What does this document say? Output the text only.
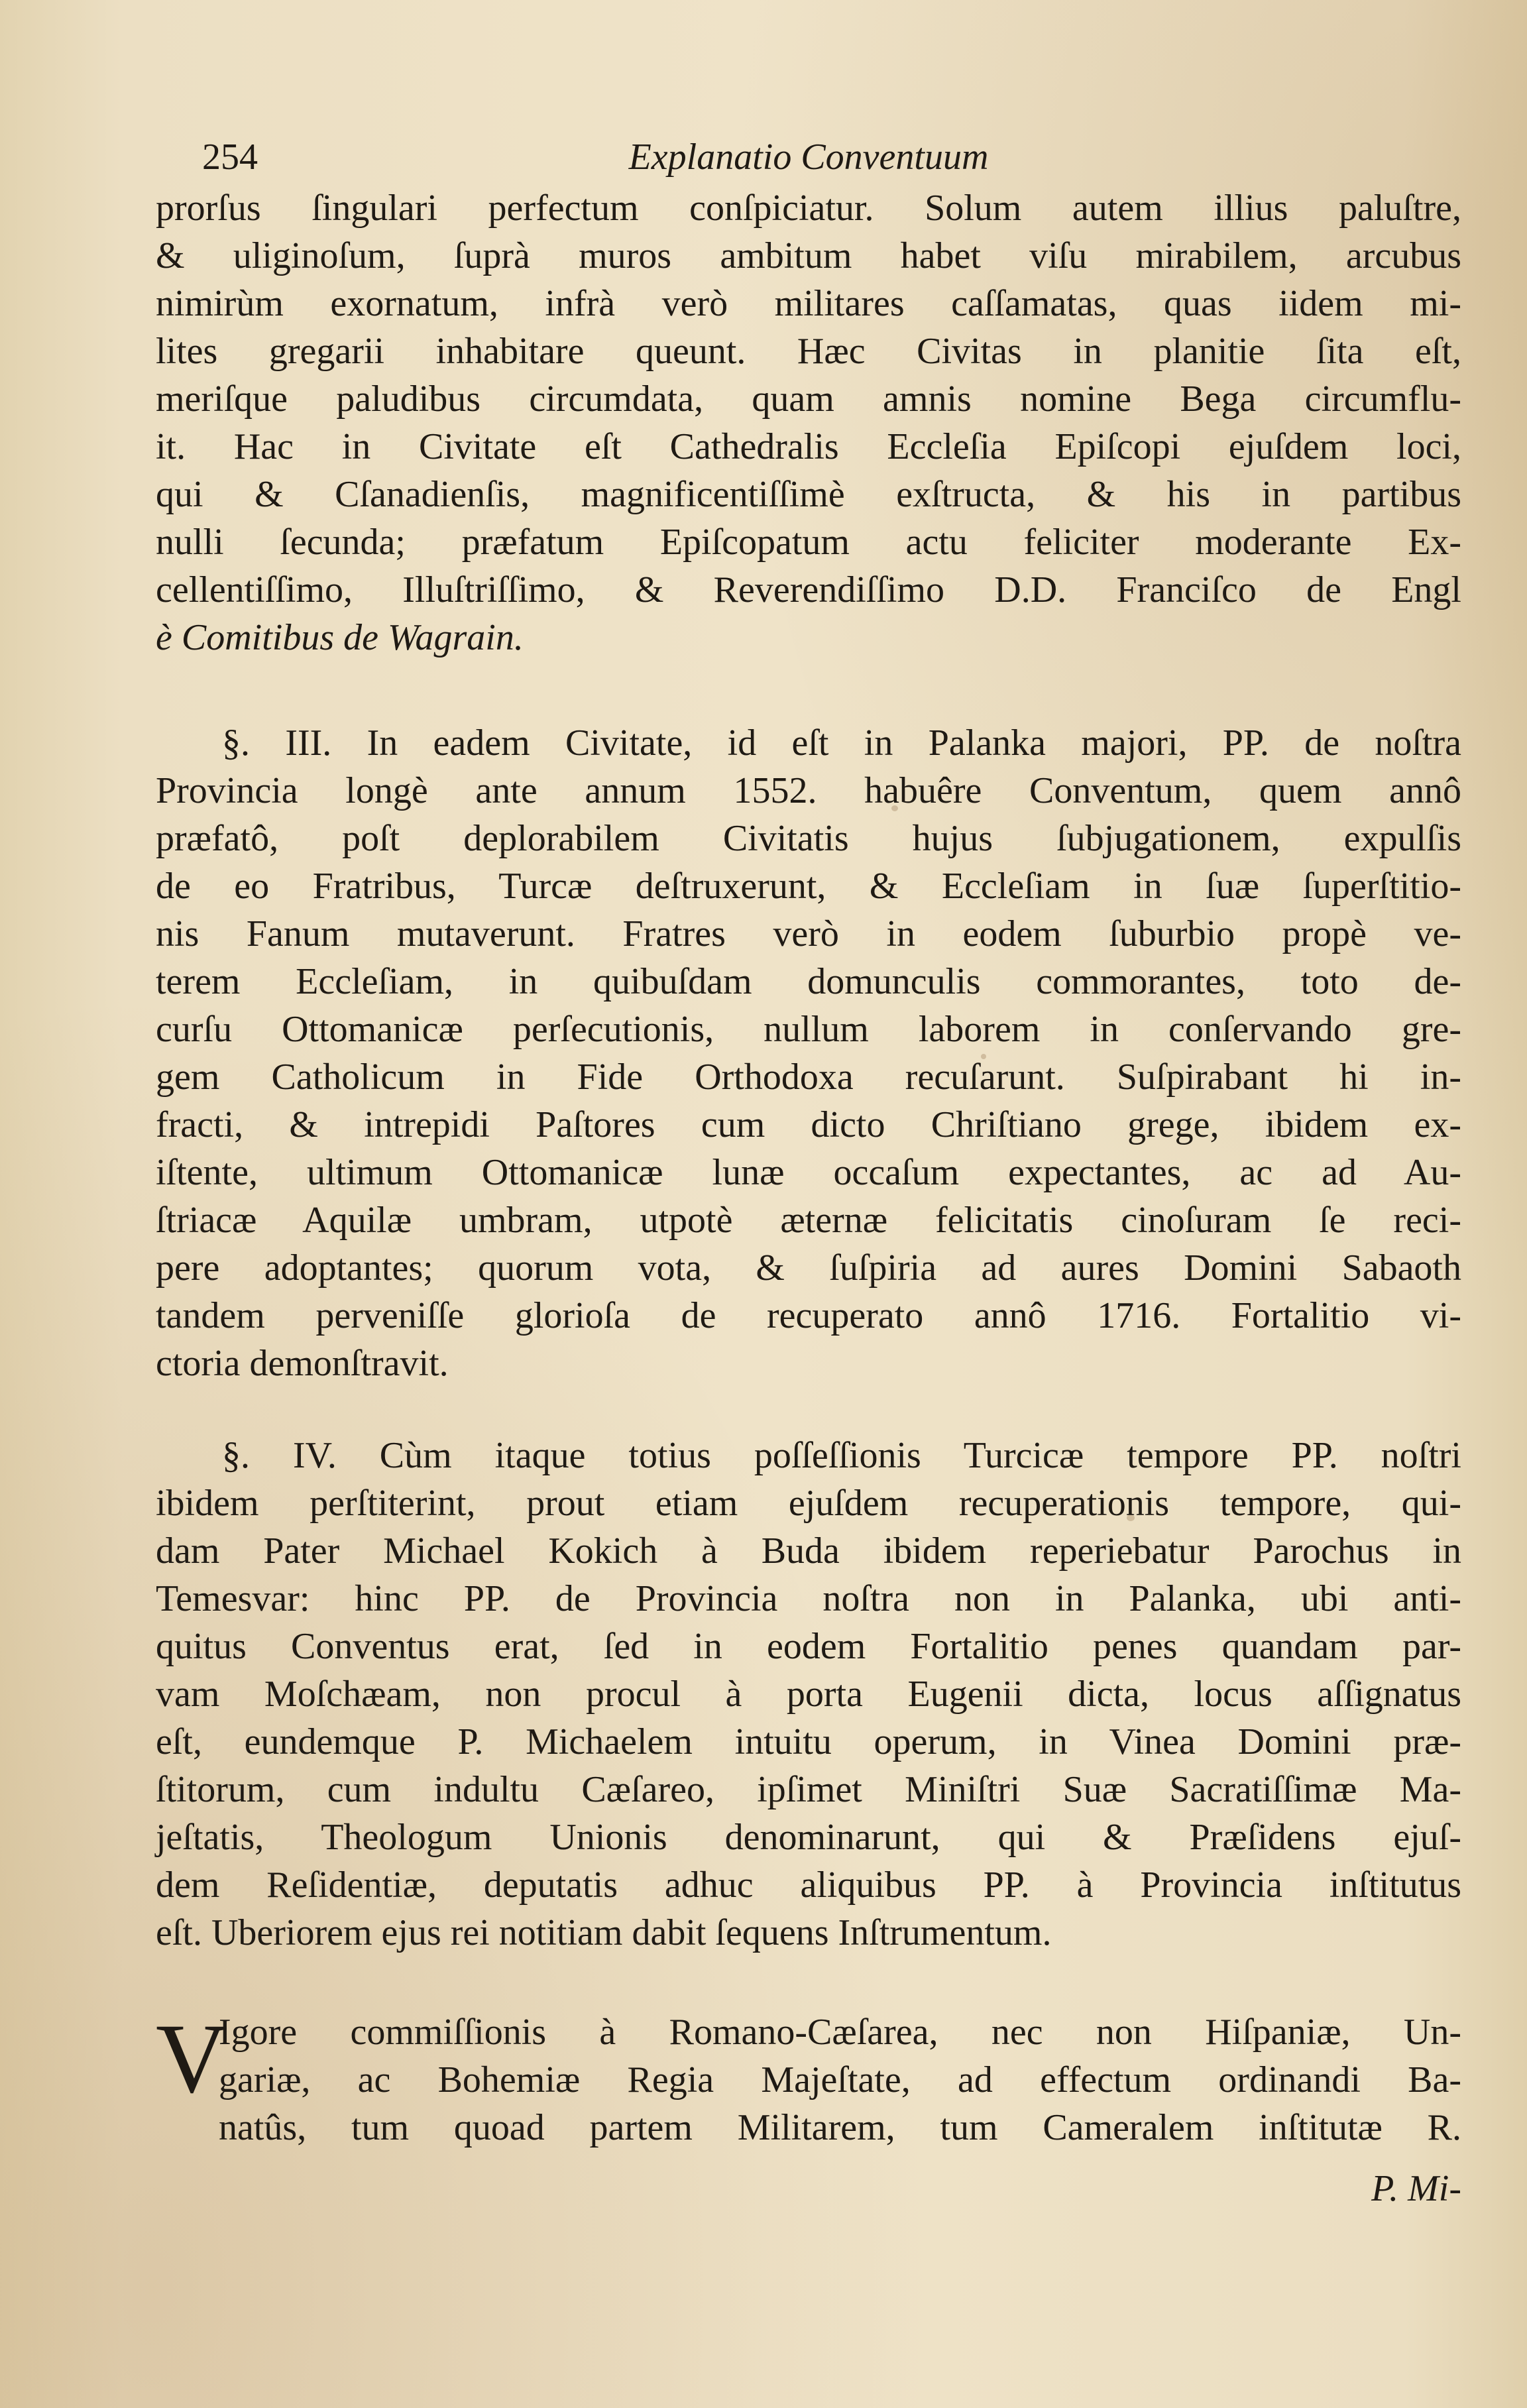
254	Explanatio Conventuum
prorſus ſingulari perfectum conſpiciatur. Solum autem illius paluſtre,
& uliginoſum, ſuprà muros ambitum habet viſu mirabilem, arcubus
nimirùm exornatum, infrà verò militares caſſamatas, quas iidem mi-
lites gregarii inhabitare queunt. Hæc Civitas in planitie ſita eſt,
meriſque paludibus circumdata, quam amnis nomine Bega circumflu-
it. Hac in Civitate eſt Cathedralis Eccleſia Epiſcopi ejuſdem loci,
qui & Cſanadienſis, magnificentiſſimè exſtructa, & his in partibus
nulli ſecunda; præfatum Epiſcopatum actu feliciter moderante Ex-
cellentiſſimo, Illuſtriſſimo, & Reverendiſſimo D.D. Franciſco de Engl
è Comitibus de Wagrain.
§. III. In eadem Civitate, id eſt in Palanka majori, PP. de noſtra
Provincia longè ante annum 1552. habuêre Conventum, quem annô
præfatô, poſt deplorabilem Civitatis hujus ſubjugationem, expulſis
de eo Fratribus, Turcæ deſtruxerunt, & Eccleſiam in ſuæ ſuperſtitio-
nis Fanum mutaverunt. Fratres verò in eodem ſuburbio propè ve-
terem Eccleſiam, in quibuſdam domunculis commorantes, toto de-
curſu Ottomanicæ perſecutionis, nullum laborem in conſervando gre-
gem Catholicum in Fide Orthodoxa recuſarunt. Suſpirabant hi in-
fracti, & intrepidi Paſtores cum dicto Chriſtiano grege, ibidem ex-
iſtente, ultimum Ottomanicæ lunæ occaſum expectantes, ac ad Au-
ſtriacæ Aquilæ umbram, utpotè æternæ felicitatis cinoſuram ſe reci-
pere adoptantes; quorum vota, & ſuſpiria ad aures Domini Sabaoth
tandem perveniſſe glorioſa de recuperato annô 1716. Fortalitio vi-
ctoria demonſtravit.
§. IV. Cùm itaque totius poſſeſſionis Turcicæ tempore PP. noſtri
ibidem perſtiterint, prout etiam ejuſdem recuperationis tempore, qui-
dam Pater Michael Kokich à Buda ibidem reperiebatur Parochus in
Temesvar: hinc PP. de Provincia noſtra non in Palanka, ubi anti-
quitus Conventus erat, ſed in eodem Fortalitio penes quandam par-
vam Moſchæam, non procul à porta Eugenii dicta, locus aſſignatus
eſt, eundemque P. Michaelem intuitu operum, in Vinea Domini præ-
ſtitorum, cum indultu Cæſareo, ipſimet Miniſtri Suæ Sacratiſſimæ Ma-
jeſtatis, Theologum Unionis denominarunt, qui & Præſidens ejuſ-
dem Reſidentiæ, deputatis adhuc aliquibus PP. à Provincia inſtitutus
eſt. Uberiorem ejus rei notitiam dabit ſequens Inſtrumentum.
V
Igore commiſſionis à Romano-Cæſarea, nec non Hiſpaniæ, Un-
gariæ, ac Bohemiæ Regia Majeſtate, ad effectum ordinandi Ba-
natûs, tum quoad partem Militarem, tum Cameralem inſtitutæ R.
P. Mi-
